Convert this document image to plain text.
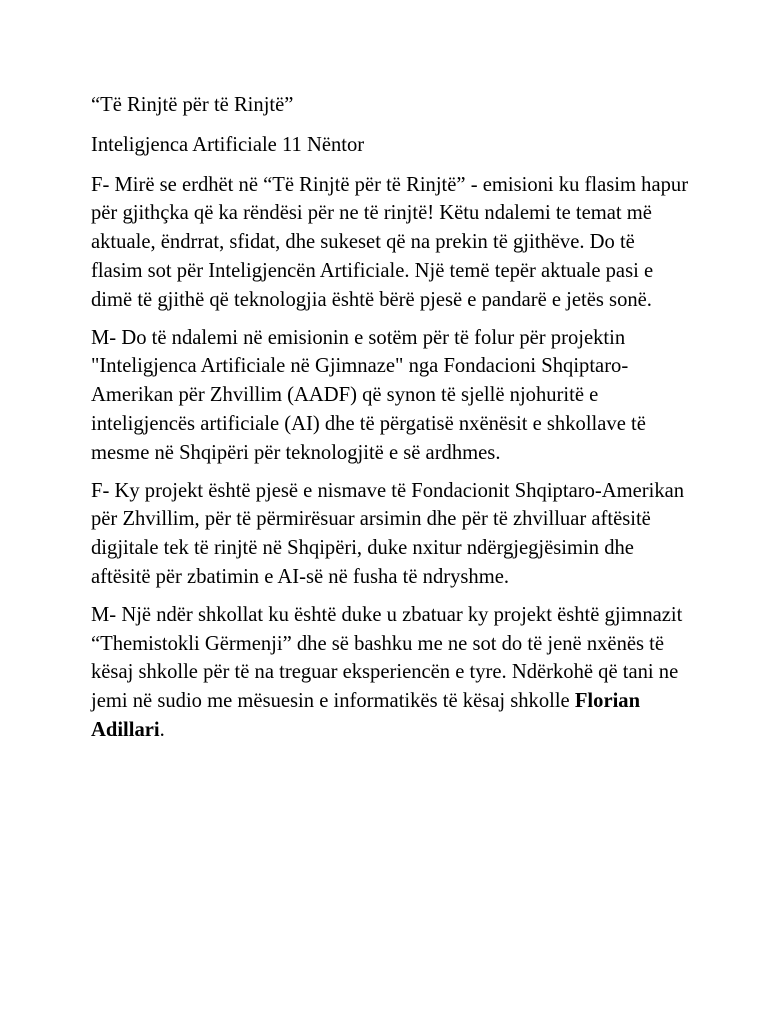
“Të Rinjtë për të Rinjtë”

Inteligjenca Artificiale 11 Nëntor

F- Mirë se erdhët në “Të Rinjtë për të Rinjtë” - emisioni ku flasim hapur për gjithçka që ka rëndësi për ne të rinjtë! Këtu ndalemi te temat më aktuale, ëndrrat, sfidat, dhe sukeset që na prekin të gjithëve. Do të flasim sot për Inteligjencën Artificiale. Një temë tepër aktuale pasi e dimë të gjithë që teknologjia është bërë pjesë e pandarë e jetës sonë.

M- Do të ndalemi në emisionin e sotëm për të folur për projektin "Inteligjenca Artificiale në Gjimnaze" nga Fondacioni Shqiptaro-Amerikan për Zhvillim (AADF) që synon të sjellë njohuritë e inteligjencës artificiale (AI) dhe të përgatisë nxënësit e shkollave të mesme në Shqipëri për teknologjitë e së ardhmes.

F- Ky projekt është pjesë e nismave të Fondacionit Shqiptaro-Amerikan për Zhvillim, për të përmirësuar arsimin dhe për të zhvilluar aftësitë digjitale tek të rinjtë në Shqipëri, duke nxitur ndërgjegjësimin dhe aftësitë për zbatimin e AI-së në fusha të ndryshme.

M- Një ndër shkollat ku është duke u zbatuar ky projekt është gjimnazit “Themistokli Gërmenji” dhe së bashku me ne sot do të jenë nxënës të kësaj shkolle për të na treguar eksperiencën e tyre. Ndërkohë që tani ne jemi në sudio me mësuesin e informatikës të kësaj shkolle Florian Adillari.
